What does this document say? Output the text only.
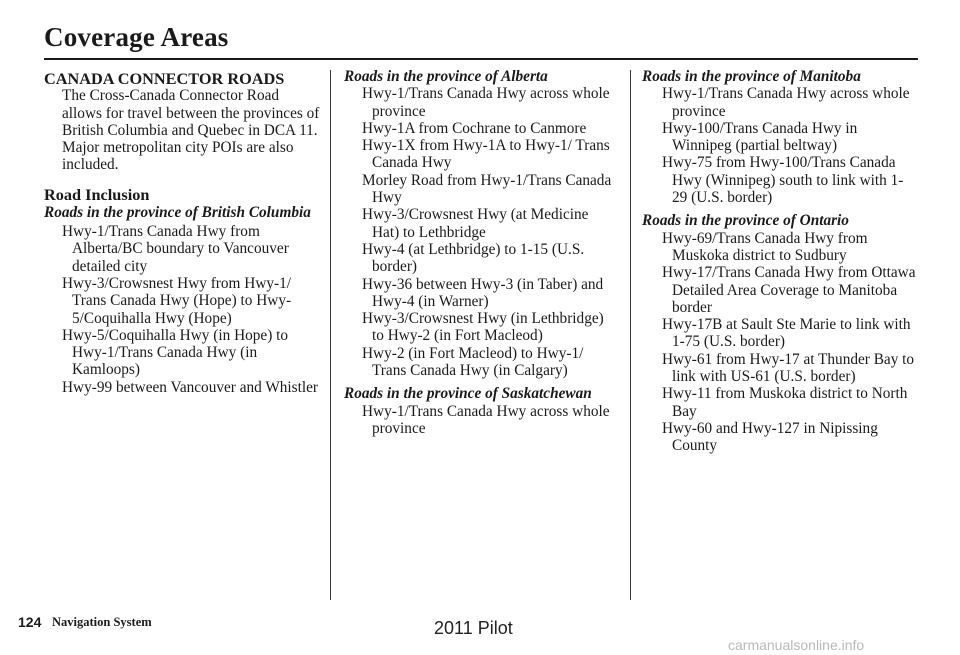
Coverage Areas
CANADA CONNECTOR ROADS
The Cross-Canada Connector Road allows for travel between the provinces of British Columbia and Quebec in DCA 11. Major metropolitan city POIs are also included.
Road Inclusion
Roads in the province of British Columbia
Hwy-1/Trans Canada Hwy from Alberta/BC boundary to Vancouver detailed city
Hwy-3/Crowsnest Hwy from Hwy-1/ Trans Canada Hwy (Hope) to Hwy-5/Coquihalla Hwy (Hope)
Hwy-5/Coquihalla Hwy (in Hope) to Hwy-1/Trans Canada Hwy (in Kamloops)
Hwy-99 between Vancouver and Whistler
Roads in the province of Alberta
Hwy-1/Trans Canada Hwy across whole province
Hwy-1A from Cochrane to Canmore
Hwy-1X from Hwy-1A to Hwy-1/ Trans Canada Hwy
Morley Road from Hwy-1/Trans Canada Hwy
Hwy-3/Crowsnest Hwy (at Medicine Hat) to Lethbridge
Hwy-4 (at Lethbridge) to 1-15 (U.S. border)
Hwy-36 between Hwy-3 (in Taber) and Hwy-4 (in Warner)
Hwy-3/Crowsnest Hwy (in Lethbridge) to Hwy-2 (in Fort Macleod)
Hwy-2 (in Fort Macleod) to Hwy-1/ Trans Canada Hwy (in Calgary)
Roads in the province of Saskatchewan
Hwy-1/Trans Canada Hwy across whole province
Roads in the province of Manitoba
Hwy-1/Trans Canada Hwy across whole province
Hwy-100/Trans Canada Hwy in Winnipeg (partial beltway)
Hwy-75 from Hwy-100/Trans Canada Hwy (Winnipeg) south to link with 1-29 (U.S. border)
Roads in the province of Ontario
Hwy-69/Trans Canada Hwy from Muskoka district to Sudbury
Hwy-17/Trans Canada Hwy from Ottawa Detailed Area Coverage to Manitoba border
Hwy-17B at Sault Ste Marie to link with 1-75 (U.S. border)
Hwy-61 from Hwy-17 at Thunder Bay to link with US-61 (U.S. border)
Hwy-11 from Muskoka district to North Bay
Hwy-60 and Hwy-127 in Nipissing County
124 Navigation System	2011 Pilot
carmanualsonline.info
